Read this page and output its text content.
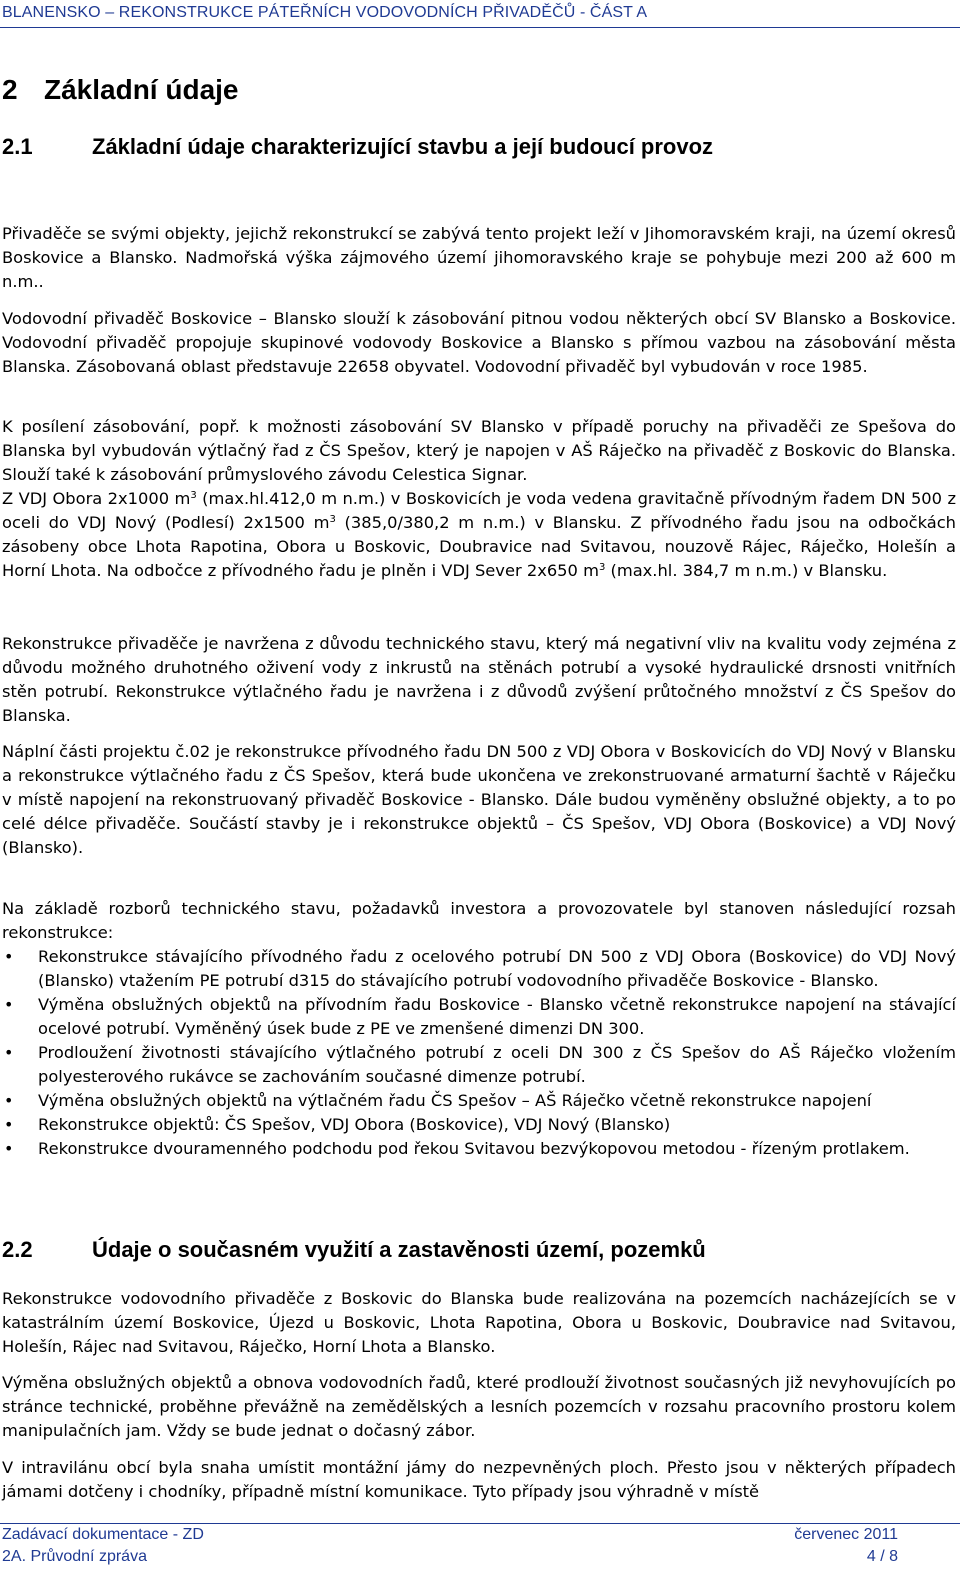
BLANENSKO – REKONSTRUKCE PÁTEŘNÍCH VODOVODNÍCH PŘIVADĚČŮ - ČÁST A
2 Základní údaje
2.1	Základní údaje charakterizující stavbu a její budoucí provoz

Přivaděče se svými objekty, jejichž rekonstrukcí se zabývá tento projekt leží v Jihomoravském kraji, na území okresů Boskovice a Blansko. Nadmořská výška zájmového území jihomoravského kraje se pohybuje mezi 200 až 600 m n.m..

Vodovodní přivaděč Boskovice – Blansko slouží k zásobování pitnou vodou některých obcí SV Blansko a Boskovice. Vodovodní přivaděč propojuje skupinové vodovody Boskovice a Blansko s přímou vazbou na zásobování města Blanska. Zásobovaná oblast představuje 22658 obyvatel. Vodovodní přivaděč byl vybudován v roce 1985.

K posílení zásobování, popř. k možnosti zásobování SV Blansko v případě poruchy na přivaděči ze Spešova do Blanska byl vybudován výtlačný řad z ČS Spešov, který je napojen v AŠ Ráječko na přivaděč z Boskovic do Blanska. Slouží také k zásobování průmyslového závodu Celestica Signar.

Z VDJ Obora 2x1000 $m^3$ (max.hl.412,0 m n.m.) v Boskovicích je voda vedena gravitačně přívodným řadem DN 500 z oceli do VDJ Nový (Podlesí) 2x1500 $m^3$ (385,0/380,2 m n.m.) v Blansku. Z přívodného řadu jsou na odbočkách zásobeny obce Lhota Rapotina, Obora u Boskovic, Doubravice nad Svitavou, nouzově Rájec, Ráječko, Holešín a Horní Lhota. Na odbočce z přívodného řadu je plněn i VDJ Sever 2x650 $m^3$ (max.hl. 384,7 m n.m.) v Blansku.

Rekonstrukce přivaděče je navržena z důvodu technického stavu, který má negativní vliv na kvalitu vody zejména z důvodu možného druhotného oživení vody z inkrustů na stěnách potrubí a vysoké hydraulické drsnosti vnitřních stěn potrubí. Rekonstrukce výtlačného řadu je navržena i z důvodů zvýšení průtočného množství z ČS Spešov do Blanska.

Náplní části projektu č.02 je rekonstrukce přívodného řadu DN 500 z VDJ Obora v Boskovicích do VDJ Nový v Blansku a rekonstrukce výtlačného řadu z ČS Spešov, která bude ukončena ve zrekonstruované armaturní šachtě v Ráječku v místě napojení na rekonstruovaný přivaděč Boskovice - Blansko. Dále budou vyměněny obslužné objekty, a to po celé délce přivaděče. Součástí stavby je i rekonstrukce objektů – ČS Spešov, VDJ Obora (Boskovice) a VDJ Nový (Blansko).

Na základě rozborů technického stavu, požadavků investora a provozovatele byl stanoven následující rozsah rekonstrukce:

• Rekonstrukce stávajícího přívodného řadu z ocelového potrubí DN 500 z VDJ Obora (Boskovice) do VDJ Nový (Blansko) vtažením PE potrubí d315 do stávajícího potrubí vodovodního přivaděče Boskovice - Blansko.
• Výměna obslužných objektů na přívodním řadu Boskovice - Blansko včetně rekonstrukce napojení na stávající ocelové potrubí. Vyměněný úsek bude z PE ve zmenšené dimenzi DN 300.
• Prodloužení životnosti stávajícího výtlačného potrubí z oceli DN 300 z ČS Spešov do AŠ Ráječko vložením polyesterového rukávce se zachováním současné dimenze potrubí.
• Výměna obslužných objektů na výtlačném řadu ČS Spešov – AŠ Ráječko včetně rekonstrukce napojení
• Rekonstrukce objektů: ČS Spešov, VDJ Obora (Boskovice), VDJ Nový (Blansko)
• Rekonstrukce dvouramenného podchodu pod řekou Svitavou bezvýkopovou metodou - řízeným protlakem.
2.2	Údaje o současném využití a zastavěnosti území, pozemků

Rekonstrukce vodovodního přivaděče z Boskovic do Blanska bude realizována na pozemcích nacházejících se v katastrálním území Boskovice, Újezd u Boskovic, Lhota Rapotina, Obora u Boskovic, Doubravice nad Svitavou, Holešín, Rájec nad Svitavou, Ráječko, Horní Lhota a Blansko.

Výměna obslužných objektů a obnova vodovodních řadů, které prodlouží životnost současných již nevyhovujících po stránce technické, proběhne převážně na zemědělských a lesních pozemcích v rozsahu pracovního prostoru kolem manipulačních jam. Vždy se bude jednat o dočasný zábor.

V intravilánu obcí byla snaha umístit montážní jámy do nezpevněných ploch. Přesto jsou v některých případech jámami dotčeny i chodníky, případně místní komunikace. Tyto případy jsou výhradně v místě

Zadávací dokumentace - ZD	červenec 2011
2A. Průvodní zpráva	4 / 8
